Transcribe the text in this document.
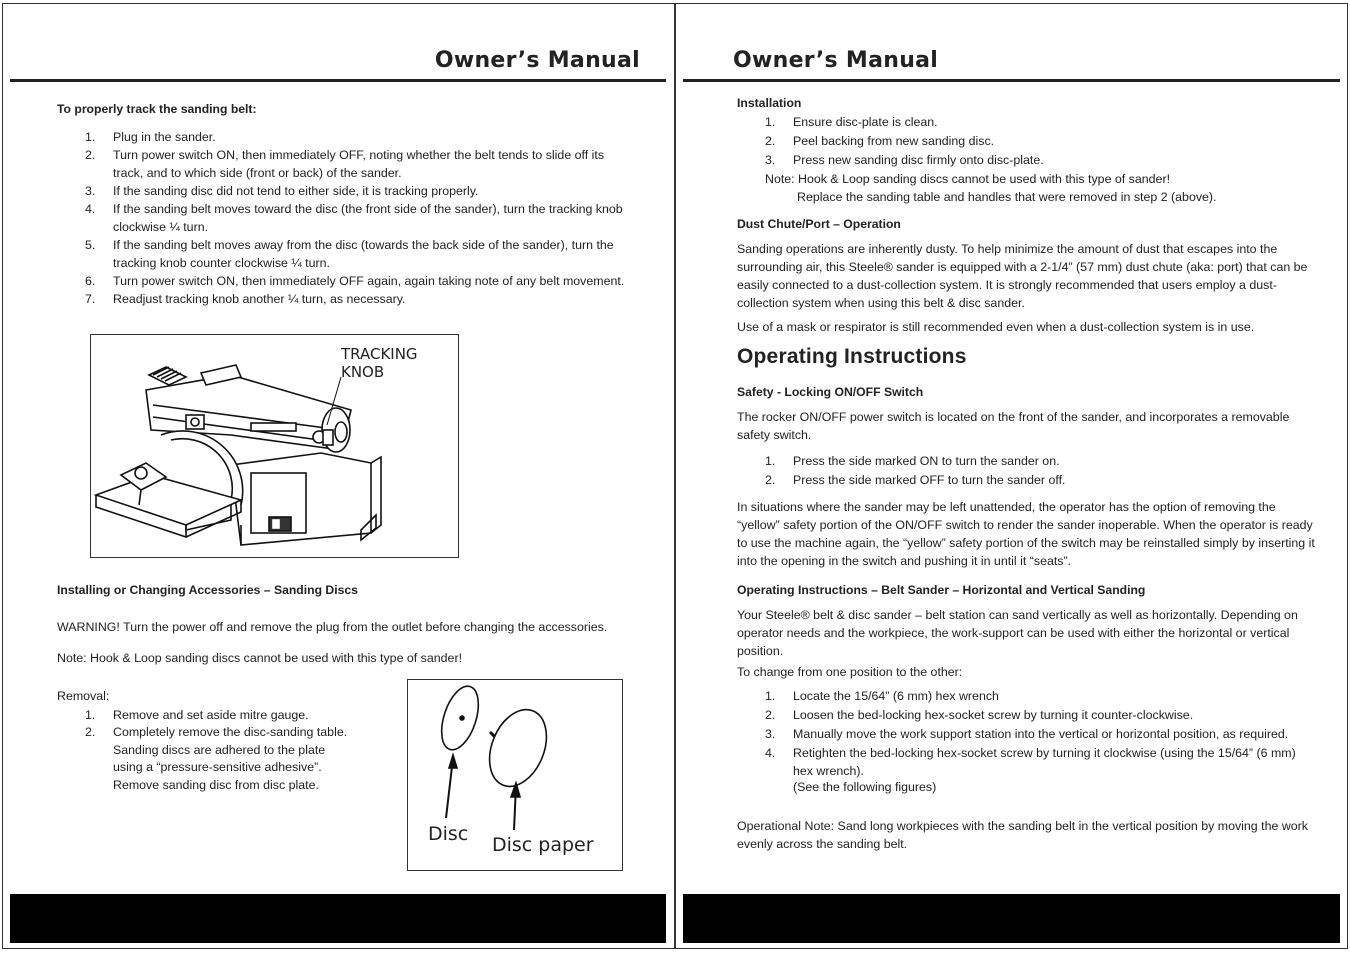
Owner’s Manual
To properly track the sanding belt:
1. Plug in the sander.
2. Turn power switch ON, then immediately OFF, noting whether the belt tends to slide off its track, and to which side (front or back) of the sander.
3. If the sanding disc did not tend to either side, it is tracking properly.
4. If the sanding belt moves toward the disc (the front side of the sander), turn the tracking knob clockwise ¼ turn.
5. If the sanding belt moves away from the disc (towards the back side of the sander), turn the tracking knob counter clockwise ¼ turn.
6. Turn power switch ON, then immediately OFF again, again taking note of any belt movement.
7. Readjust tracking knob another ¼ turn, as necessary.
TRACKING
KNOB
Installing or Changing Accessories – Sanding Discs
WARNING! Turn the power off and remove the plug from the outlet before changing the accessories.
Note: Hook & Loop sanding discs cannot be used with this type of sander!
Removal:
1. Remove and set aside mitre gauge.
2. Completely remove the disc-sanding table. Sanding discs are adhered to the plate using a “pressure-sensitive adhesive”. Remove sanding disc from disc plate.
Disc Disc paper
Owner’s Manual
Installation
1. Ensure disc-plate is clean.
2. Peel backing from new sanding disc.
3. Press new sanding disc firmly onto disc-plate.
Note: Hook & Loop sanding discs cannot be used with this type of sander!
Replace the sanding table and handles that were removed in step 2 (above).
Dust Chute/Port – Operation

Sanding operations are inherently dusty. To help minimize the amount of dust that escapes into the surrounding air, this Steele® sander is equipped with a 2-1/4” (57 mm) dust chute (aka: port) that can be easily connected to a dust-collection system. It is strongly recommended that users employ a dust-collection system when using this belt & disc sander.

Use of a mask or respirator is still recommended even when a dust-collection system is in use.

Operating Instructions
Safety - Locking ON/OFF Switch

The rocker ON/OFF power switch is located on the front of the sander, and incorporates a removable safety switch.

1. Press the side marked ON to turn the sander on.
2. Press the side marked OFF to turn the sander off.

In situations where the sander may be left unattended, the operator has the option of removing the “yellow” safety portion of the ON/OFF switch to render the sander inoperable. When the operator is ready to use the machine again, the “yellow” safety portion of the switch may be reinstalled simply by inserting it into the opening in the switch and pushing it in until it “seats”.

Operating Instructions – Belt Sander – Horizontal and Vertical Sanding

Your Steele® belt & disc sander – belt station can sand vertically as well as horizontally. Depending on operator needs and the workpiece, the work-support can be used with either the horizontal or vertical position.

To change from one position to the other:

1. Locate the 15/64” (6 mm) hex wrench
2. Loosen the bed-locking hex-socket screw by turning it counter-clockwise.
3. Manually move the work support station into the vertical or horizontal position, as required.
4. Retighten the bed-locking hex-socket screw by turning it clockwise (using the 15/64” (6 mm) hex wrench).
(See the following figures)

Operational Note: Sand long workpieces with the sanding belt in the vertical position by moving the work evenly across the sanding belt.
